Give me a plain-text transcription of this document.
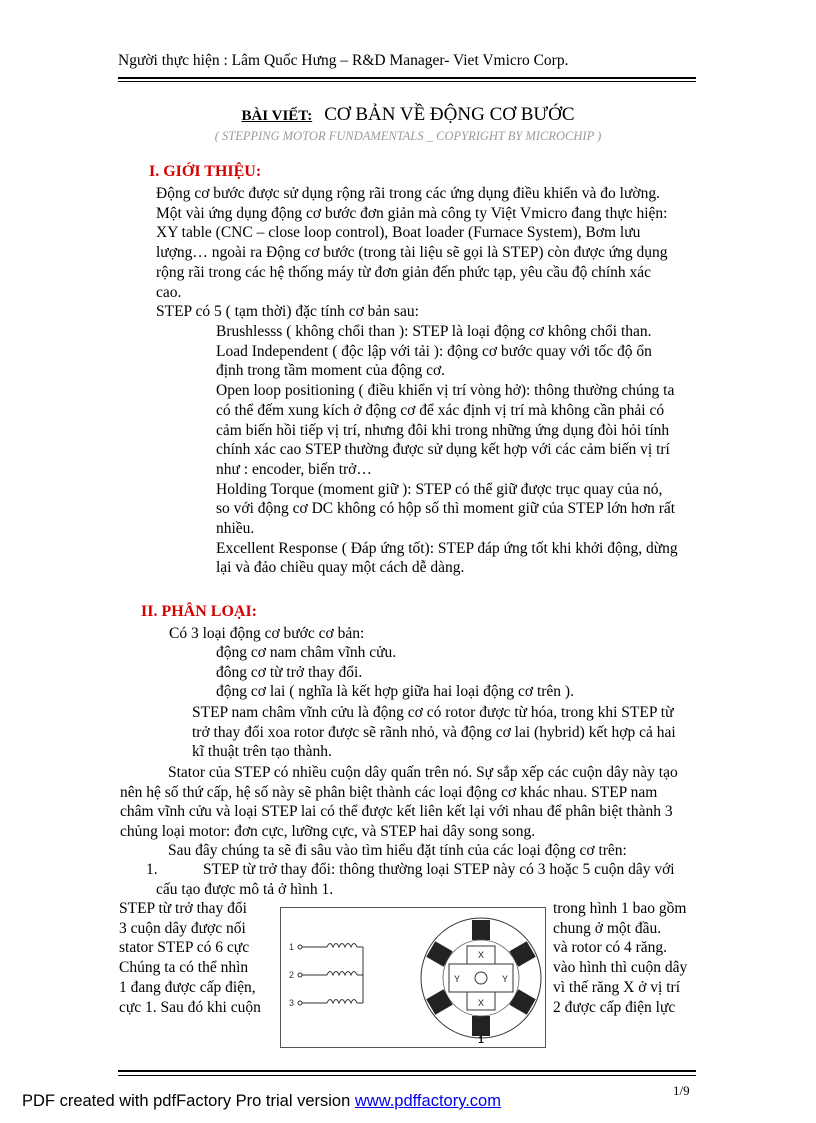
Người thực hiện : Lâm Quốc Hưng – R&D Manager- Viet Vmicro Corp.
BÀI VIẾT: CƠ BẢN VỀ ĐỘNG CƠ BƯỚC
( STEPPING MOTOR FUNDAMENTALS _ COPYRIGHT BY MICROCHIP )
I. GIỚI THIỆU:
Động cơ bước được sử dụng rộng rãi trong các ứng dụng điều khiển và đo lường.
Một vài ứng dụng động cơ bước đơn giản mà công ty Việt Vmicro đang thực hiện:
XY table (CNC – close loop control), Boat loader (Furnace System), Bơm lưu
lượng… ngoài ra Động cơ bước (trong tài liệu sẽ gọi là STEP) còn được ứng dụng
rộng rãi trong các hệ thống máy từ đơn giản đến phức tạp, yêu cầu độ chính xác
cao.
STEP có 5 ( tạm thời) đặc tính cơ bản sau:
Brushlesss ( không chổi than ): STEP là loại động cơ không chổi than.
Load Independent ( độc lập với tải ): động cơ bước quay với tốc độ ổn
định trong tầm moment của động cơ.
Open loop positioning ( điều khiển vị trí vòng hở): thông thường chúng ta
có thể đếm xung kích ở động cơ để xác định vị trí mà không cần phải có
cảm biến hồi tiếp vị trí, nhưng đôi khi trong những ứng dụng đòi hỏi tính
chính xác cao STEP thường được sử dụng kết hợp với các cảm biến vị trí
như : encoder, biến trở…
Holding Torque (moment giữ ): STEP có thể giữ được trục quay của nó,
so với động cơ DC không có hộp số thì moment giữ của STEP lớn hơn rất
nhiều.
Excellent Response ( Đáp ứng tốt): STEP đáp ứng tốt khi khởi động, dừng
lại và đảo chiều quay một cách dễ dàng.
II. PHÂN LOẠI:
Có 3 loại động cơ bước cơ bản:
động cơ nam châm vĩnh cửu.
đông cơ từ trở thay đổi.
động cơ lai ( nghĩa là kết hợp giữa hai loại động cơ trên ).
STEP nam châm vĩnh cửu là động cơ có rotor được từ hóa, trong khi STEP từ
trở thay đổi xoa rotor được sẽ rãnh nhỏ, và động cơ lai (hybrid) kết hợp cả hai
kĩ thuật trên tạo thành.
Stator của STEP có nhiều cuộn dây quấn trên nó. Sự sắp xếp các cuộn dây này tạo
nên hệ số thứ cấp, hệ số này sẽ phân biệt thành các loại động cơ khác nhau. STEP nam
châm vĩnh cửu và loại STEP lai có thể được kết liên kết lại với nhau để phân biệt thành 3
chủng loại motor: đơn cực, lưỡng cực, và STEP hai dây song song.
Sau đây chúng ta sẽ đi sâu vào tìm hiểu đặt tính của các loại động cơ trên:
1.	STEP từ trở thay đổi: thông thường loại STEP này có 3 hoặc 5 cuộn dây với
cấu tạo được mô tả ở hình 1.
STEP từ trở thay đổi
3 cuộn dây được nối
stator STEP có 6 cực
Chúng ta có thể nhìn
1 đang được cấp điện,
cực 1. Sau đó khi cuộn
trong hình 1 bao gồm
chung ở một đầu.
và rotor có 4 răng.
vào hình thì cuộn dây
vì thế răng X ở vị trí
2 được cấp điện lực
1
2
3
X
Y	Y
X
1
PDF created with pdfFactory Pro trial version www.pdffactory.com
1/9
